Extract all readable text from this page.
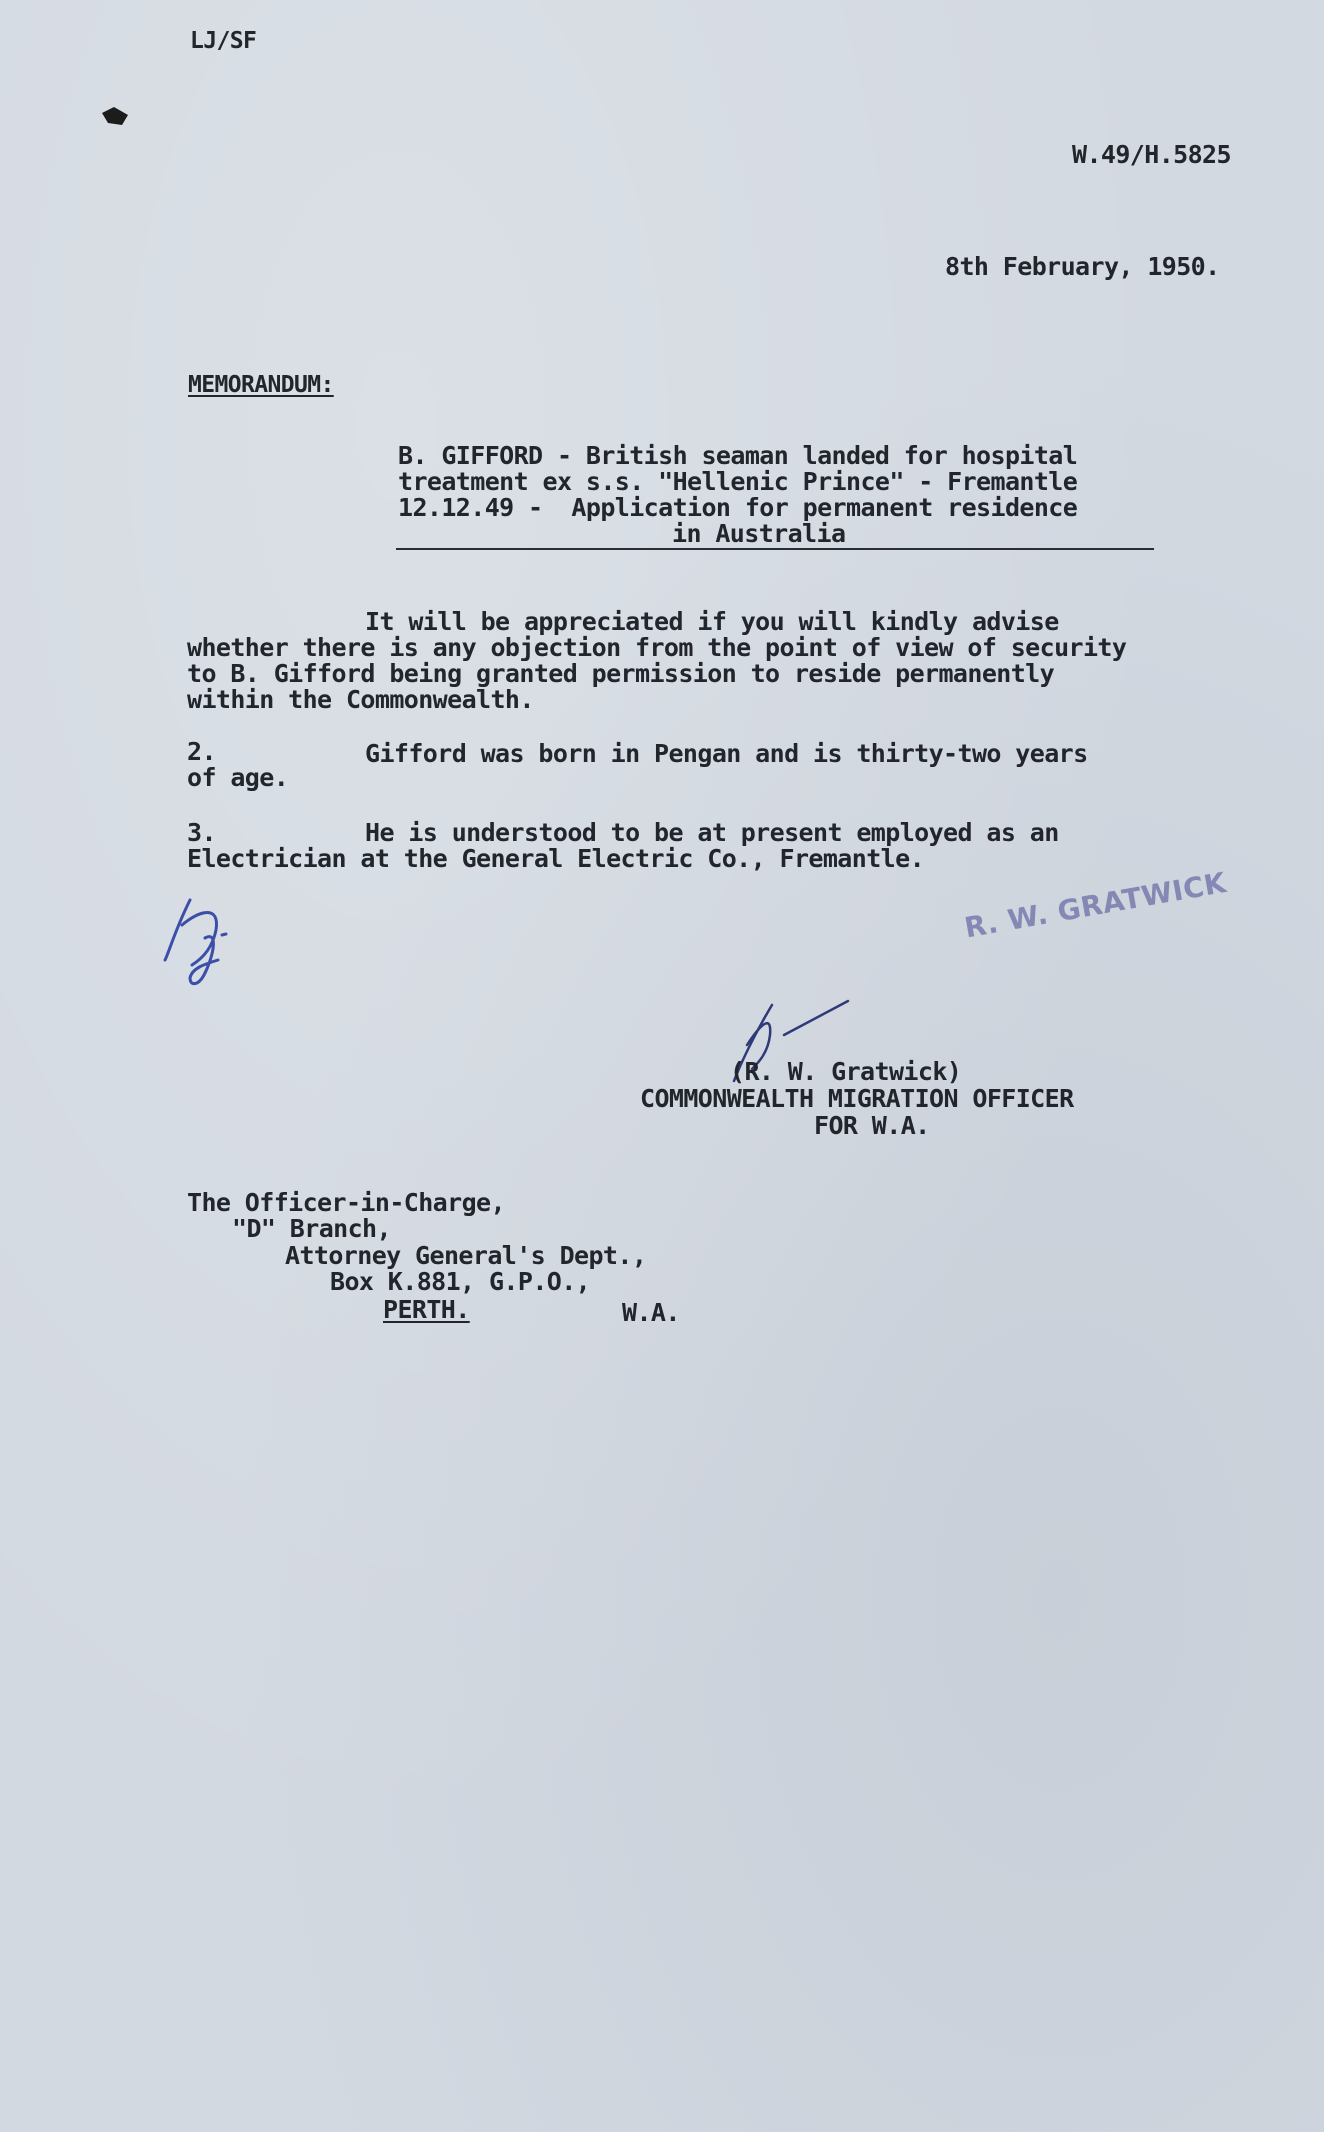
LJ/SF

W.49/H.5825

8th February, 1950.

MEMORANDUM:

B. GIFFORD - British seaman landed for hospital

treatment ex s.s. "Hellenic Prince" - Fremantle

12.12.49 -  Application for permanent residence

in Australia

It will be appreciated if you will kindly advise

whether there is any objection from the point of view of security

to B. Gifford being granted permission to reside permanently

within the Commonwealth.

2.	Gifford was born in Pengan and is thirty-two years

of age.

3.	He is understood to be at present employed as an

Electrician at the General Electric Co., Fremantle.

R. W. GRATWICK

(R. W. Gratwick)

COMMONWEALTH MIGRATION OFFICER

FOR W.A.

The Officer-in-Charge,

"D" Branch,

Attorney General's Dept.,

Box K.881, G.P.O.,

PERTH.	W.A.
